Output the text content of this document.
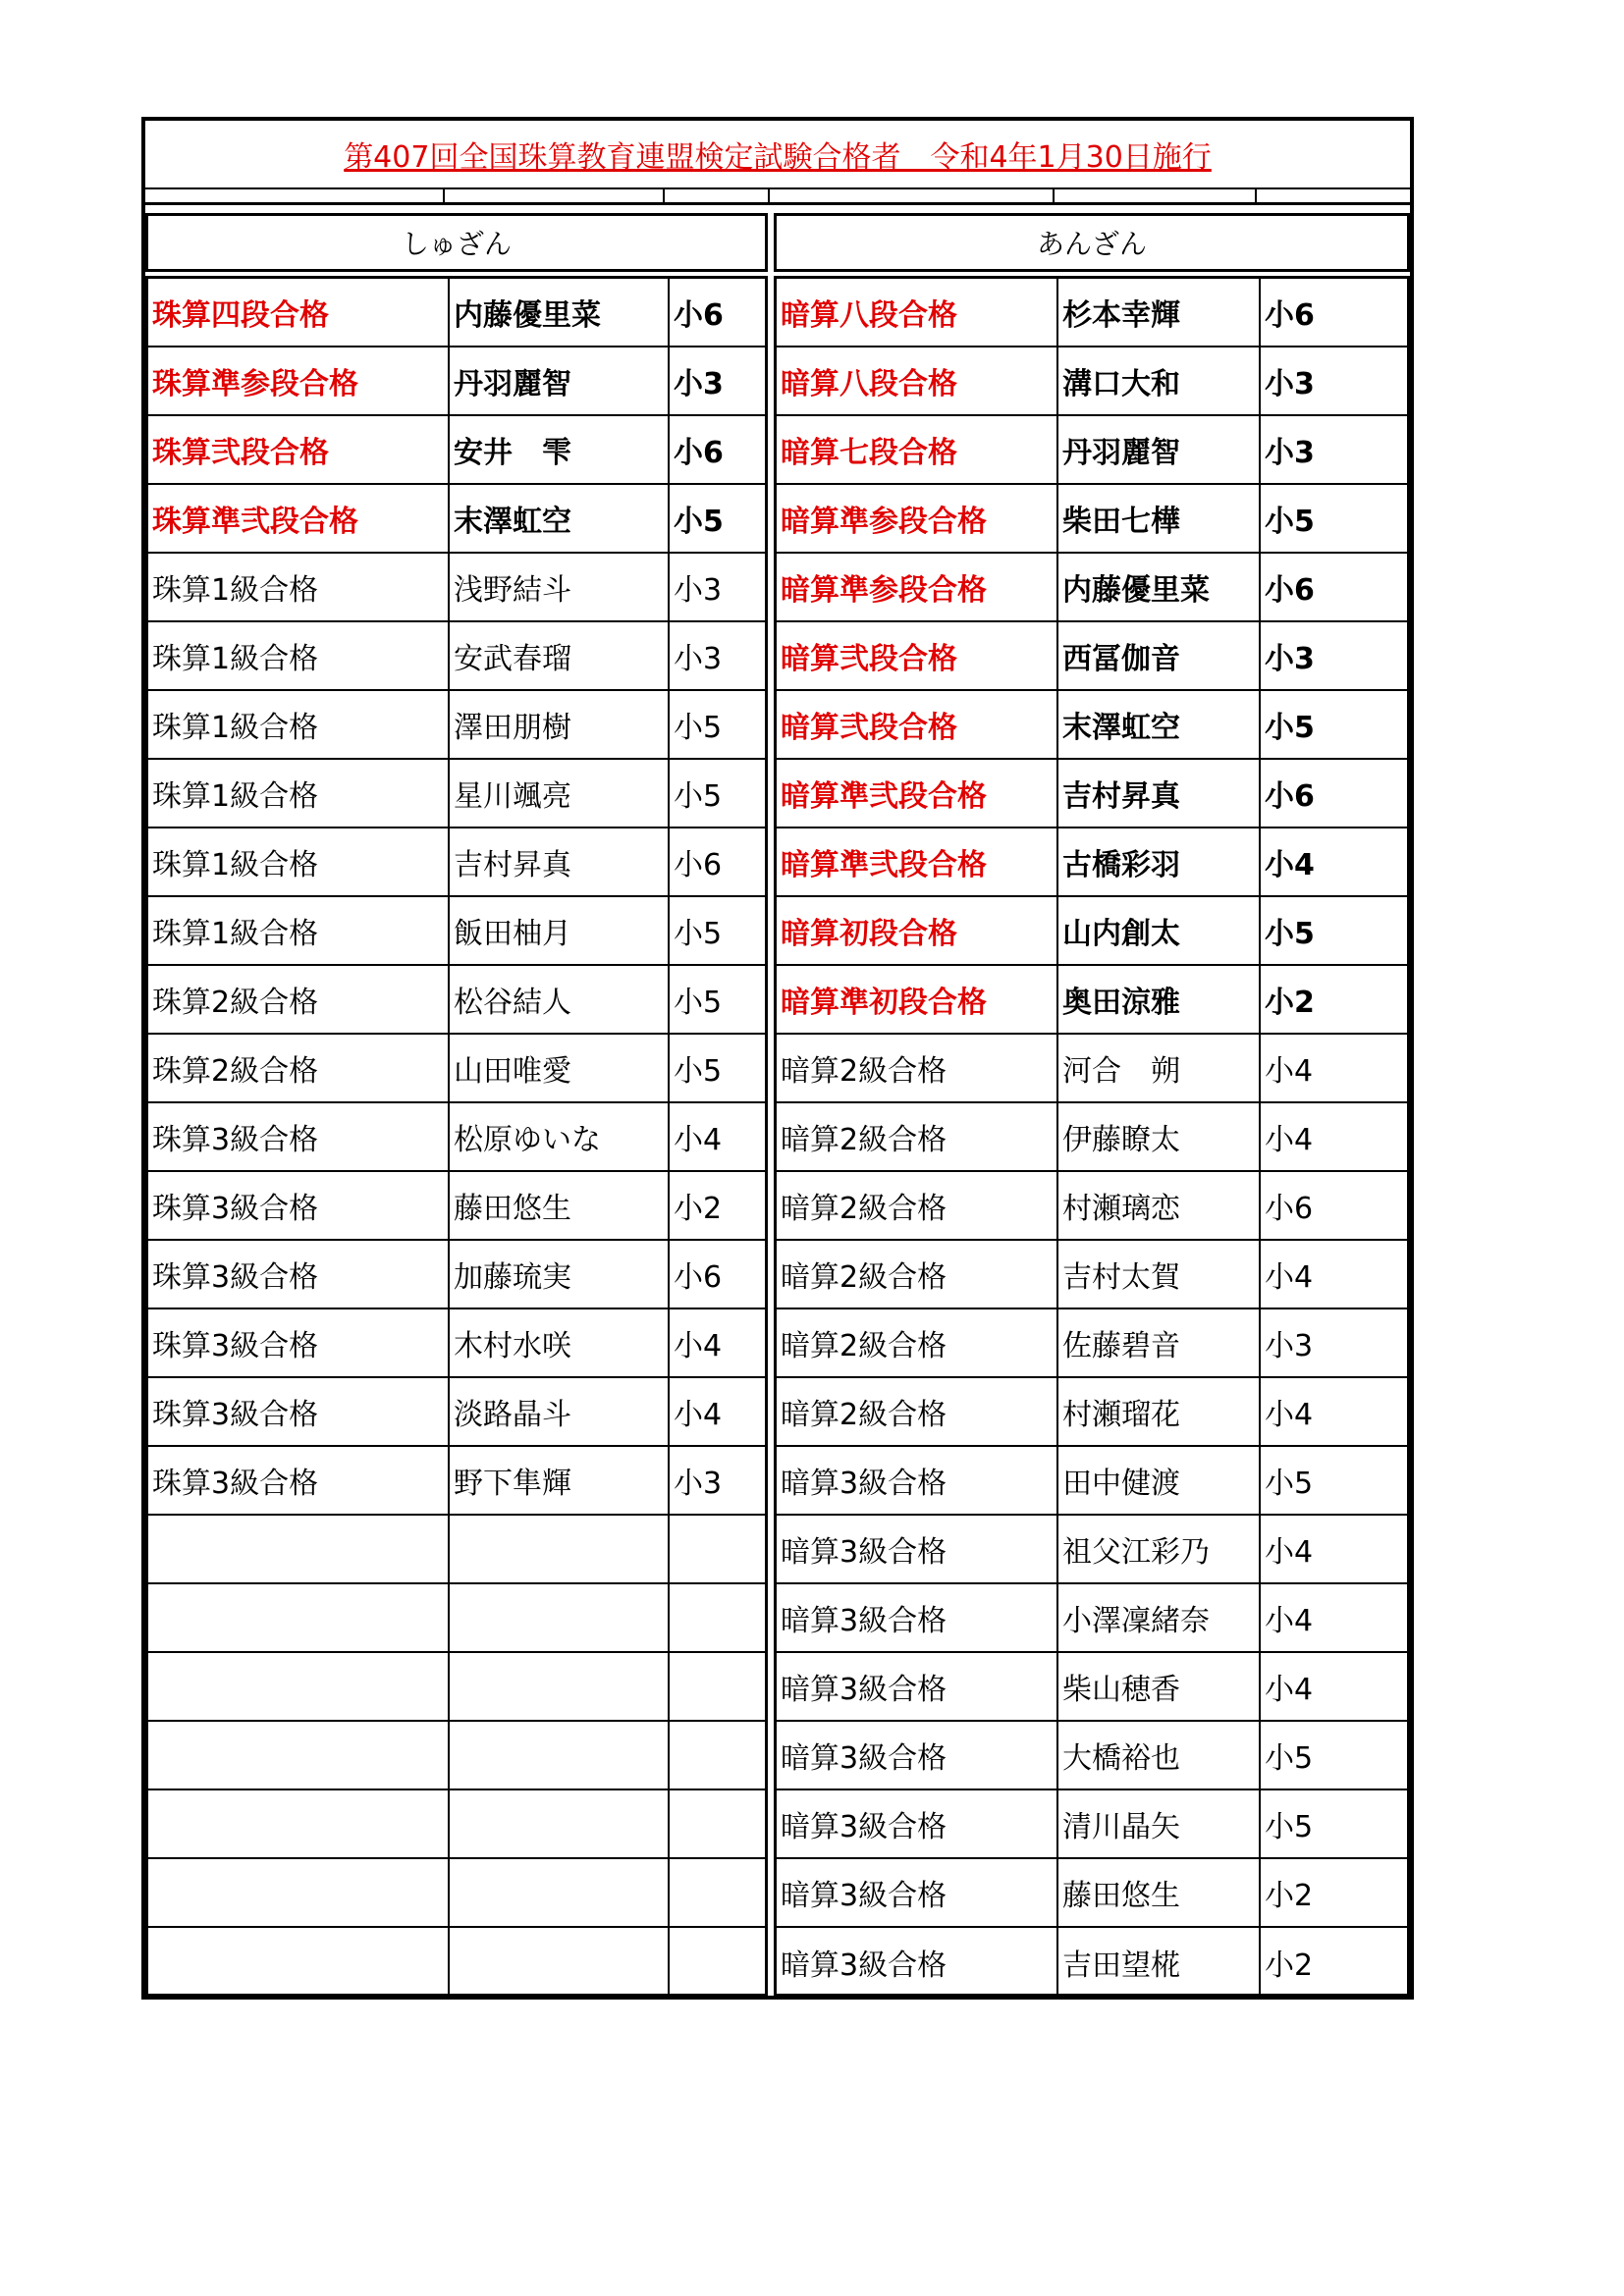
第407回全国珠算教育連盟検定試験合格者　令和4年1月30日施行
しゅざん	あんざん
珠算四段合格	内藤優里菜	小6
珠算準参段合格	丹羽麗智	小3
珠算弐段合格	安井　雫	小6
珠算準弐段合格	末澤虹空	小5
珠算1級合格	浅野結斗	小3
珠算1級合格	安武春瑠	小3
珠算1級合格	澤田朋樹	小5
珠算1級合格	星川颯亮	小5
珠算1級合格	吉村昇真	小6
珠算1級合格	飯田柚月	小5
珠算2級合格	松谷結人	小5
珠算2級合格	山田唯愛	小5
珠算3級合格	松原ゆいな	小4
珠算3級合格	藤田悠生	小2
珠算3級合格	加藤琉実	小6
珠算3級合格	木村水咲	小4
珠算3級合格	淡路晶斗	小4
珠算3級合格	野下隼輝	小3
暗算八段合格	杉本幸輝	小6
暗算八段合格	溝口大和	小3
暗算七段合格	丹羽麗智	小3
暗算準参段合格	柴田七樺	小5
暗算準参段合格	内藤優里菜	小6
暗算弐段合格	西冨伽音	小3
暗算弐段合格	末澤虹空	小5
暗算準弐段合格	吉村昇真	小6
暗算準弐段合格	古橋彩羽	小4
暗算初段合格	山内創太	小5
暗算準初段合格	奥田涼雅	小2
暗算2級合格	河合　朔	小4
暗算2級合格	伊藤瞭太	小4
暗算2級合格	村瀬璃恋	小6
暗算2級合格	吉村太賀	小4
暗算2級合格	佐藤碧音	小3
暗算2級合格	村瀬瑠花	小4
暗算3級合格	田中健渡	小5
暗算3級合格	祖父江彩乃	小4
暗算3級合格	小澤凜緒奈	小4
暗算3級合格	柴山穂香	小4
暗算3級合格	大橋裕也	小5
暗算3級合格	清川晶矢	小5
暗算3級合格	藤田悠生	小2
暗算3級合格	吉田望椛	小2
